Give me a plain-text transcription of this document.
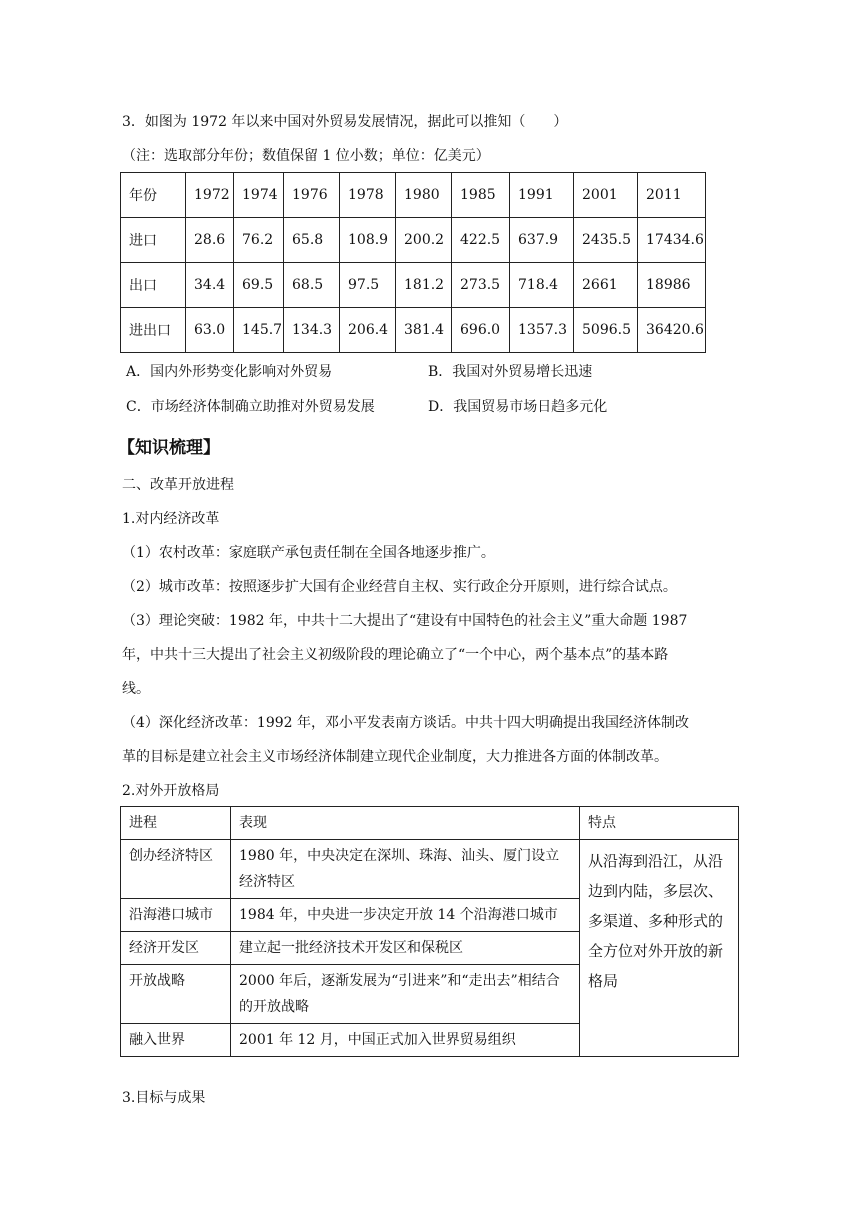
3．如图为 1972 年以来中国对外贸易发展情况，据此可以推知（　　）
（注：选取部分年份；数值保留 1 位小数；单位：亿美元）
年份	1972	1974	1976	1978	1980	1985	1991	2001	2011
进口	28.6	76.2	65.8	108.9	200.2	422.5	637.9	2435.5	17434.6
出口	34.4	69.5	68.5	97.5	181.2	273.5	718.4	2661	18986
进出口	63.0	145.7	134.3	206.4	381.4	696.0	1357.3	5096.5	36420.6
A．国内外形势变化影响对外贸易	B．我国对外贸易增长迅速
C．市场经济体制确立助推对外贸易发展	D．我国贸易市场日趋多元化
【知识梳理】
二、改革开放进程
1.对内经济改革
（1）农村改革：家庭联产承包责任制在全国各地逐步推广。
（2）城市改革：按照逐步扩大国有企业经营自主权、实行政企分开原则，进行综合试点。
（3）理论突破：1982 年，中共十二大提出了“建设有中国特色的社会主义”重大命题 1987
年，中共十三大提出了社会主义初级阶段的理论确立了“一个中心，两个基本点”的基本路
线。
（4）深化经济改革：1992 年，邓小平发表南方谈话。中共十四大明确提出我国经济体制改
革的目标是建立社会主义市场经济体制建立现代企业制度，大力推进各方面的体制改革。
2.对外开放格局
进程	表现	特点
创办经济特区	1980 年，中央决定在深圳、珠海、汕头、厦门设立经济特区	从沿海到沿江，从沿边到内陆，多层次、多渠道、多种形式的全方位对外开放的新格局
沿海港口城市	1984 年，中央进一步决定开放 14 个沿海港口城市	
经济开发区	建立起一批经济技术开发区和保税区	
开放战略	2000 年后，逐渐发展为“引进来”和“走出去”相结合的开放战略	
融入世界	2001 年 12 月，中国正式加入世界贸易组织	
3.目标与成果
